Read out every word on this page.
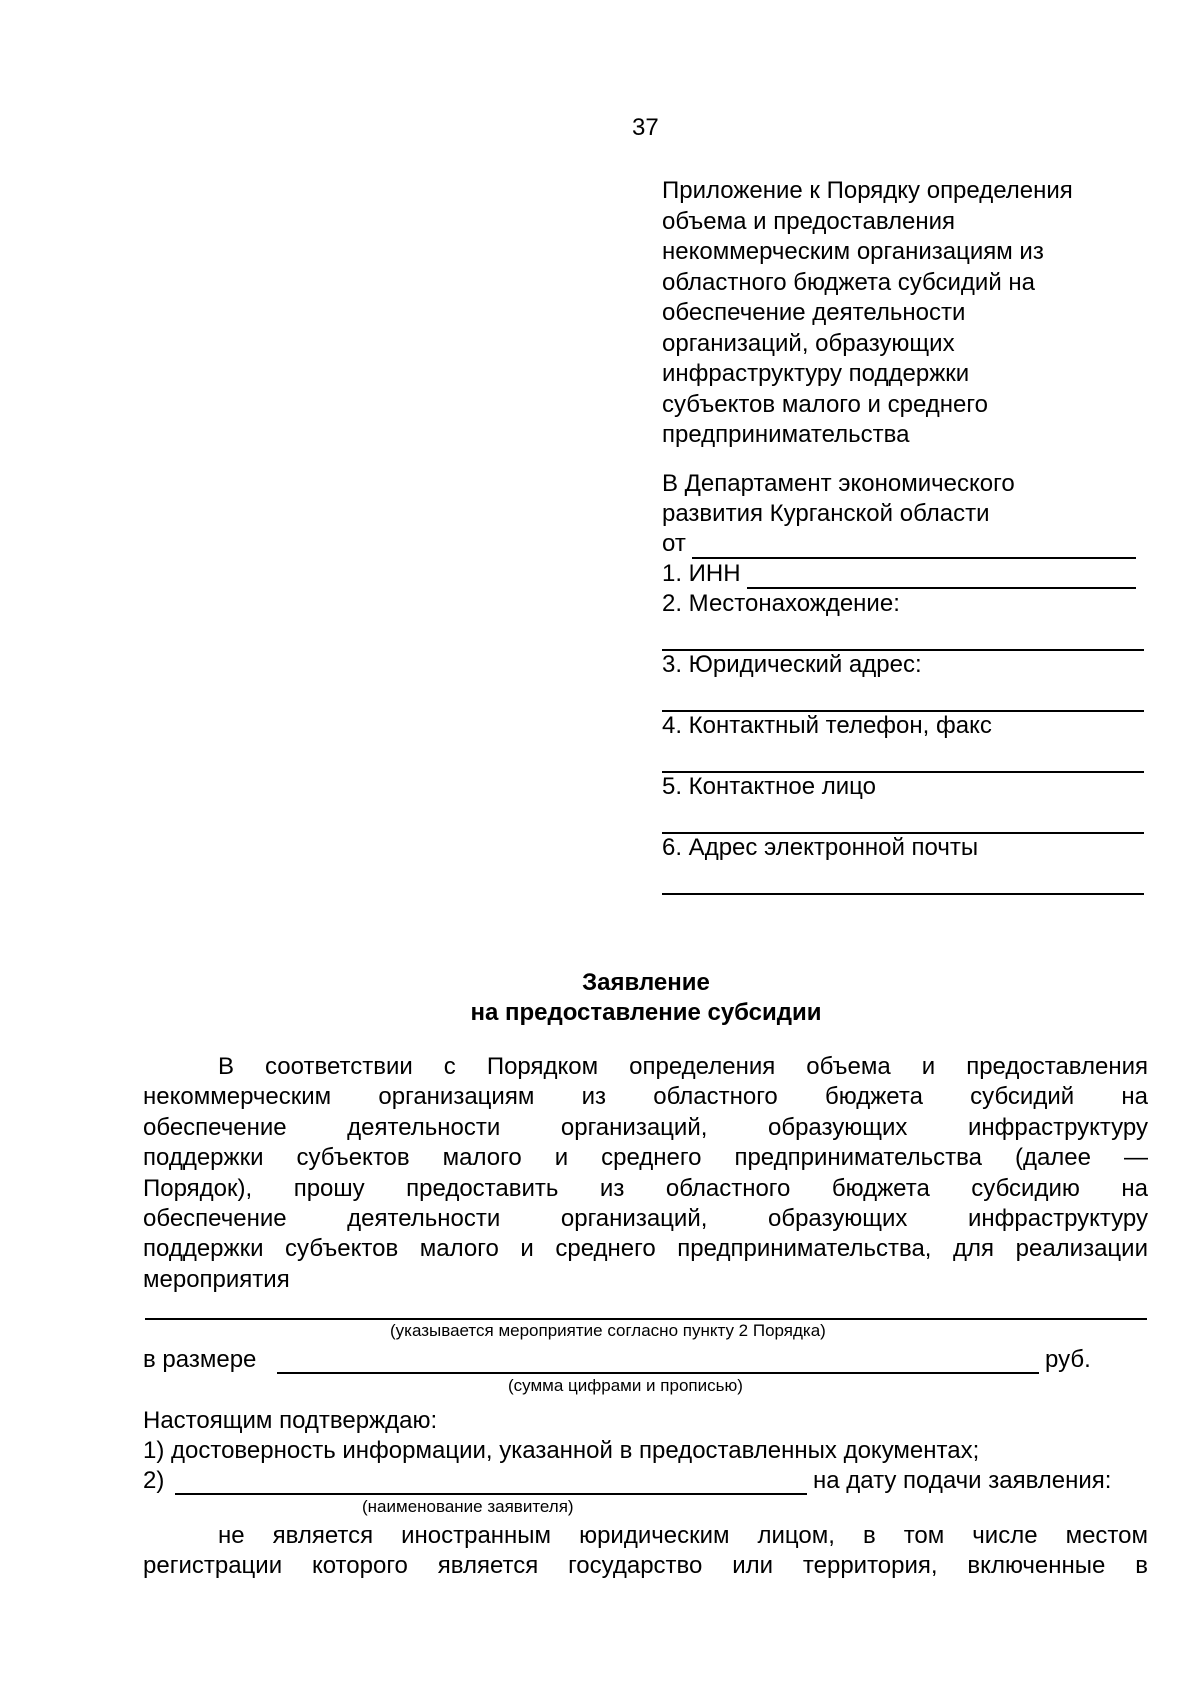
37
Приложение к Порядку определения
объема и предоставления
некоммерческим организациям из
областного бюджета субсидий на
обеспечение деятельности
организаций, образующих
инфраструктуру поддержки
субъектов малого и среднего
предпринимательства
В Департамент экономического
развития Курганской области
от
1. ИНН
2. Местонахождение:
3. Юридический адрес:
4. Контактный телефон, факс
5. Контактное лицо
6. Адрес электронной почты
Заявление
на предоставление субсидии
В соответствии с Порядком определения объема и предоставления
некоммерческим организациям из областного бюджета субсидий на
обеспечение деятельности организаций, образующих инфраструктуру
поддержки субъектов малого и среднего предпринимательства (далее —
Порядок), прошу предоставить из областного бюджета субсидию на
обеспечение деятельности организаций, образующих инфраструктуру
поддержки субъектов малого и среднего предпринимательства, для реализации
мероприятия
(указывается мероприятие согласно пункту 2 Порядка)
в размере	руб.
(сумма цифрами и прописью)
Настоящим подтверждаю:
1) достоверность информации, указанной в предоставленных документах;
2)	на дату подачи заявления:
(наименование заявителя)
не является иностранным юридическим лицом, в том числе местом
регистрации которого является государство или территория, включенные в
